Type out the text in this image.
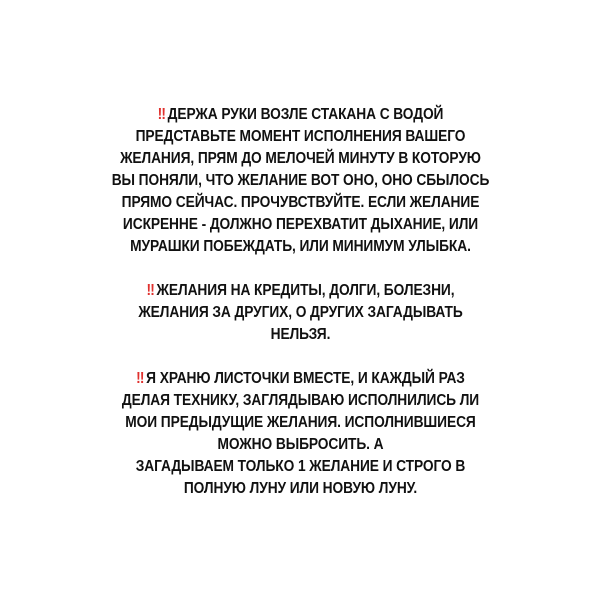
‼ ДЕРЖА РУКИ ВОЗЛЕ СТАКАНА С ВОДОЙ
ПРЕДСТАВЬТЕ МОМЕНТ ИСПОЛНЕНИЯ ВАШЕГО
ЖЕЛАНИЯ, ПРЯМ ДО МЕЛОЧЕЙ МИНУТУ В КОТОРУЮ
ВЫ ПОНЯЛИ, ЧТО ЖЕЛАНИЕ ВОТ ОНО, ОНО СБЫЛОСЬ
ПРЯМО СЕЙЧАС. ПРОЧУВСТВУЙТЕ. ЕСЛИ ЖЕЛАНИЕ
ИСКРЕННЕ - ДОЛЖНО ПЕРЕХВАТИТ ДЫХАНИЕ, ИЛИ
МУРАШКИ ПОБЕЖДАТЬ, ИЛИ МИНИМУМ УЛЫБКА.

‼ ЖЕЛАНИЯ НА КРЕДИТЫ, ДОЛГИ, БОЛЕЗНИ,
ЖЕЛАНИЯ ЗА ДРУГИХ, О ДРУГИХ ЗАГАДЫВАТЬ
НЕЛЬЗЯ.

‼ Я ХРАНЮ ЛИСТОЧКИ ВМЕСТЕ, И КАЖДЫЙ РАЗ
ДЕЛАЯ ТЕХНИКУ, ЗАГЛЯДЫВАЮ ИСПОЛНИЛИСЬ ЛИ
МОИ ПРЕДЫДУЩИЕ ЖЕЛАНИЯ. ИСПОЛНИВШИЕСЯ
МОЖНО ВЫБРОСИТЬ. А
ЗАГАДЫВАЕМ ТОЛЬКО 1 ЖЕЛАНИЕ И СТРОГО В
ПОЛНУЮ ЛУНУ ИЛИ НОВУЮ ЛУНУ.
